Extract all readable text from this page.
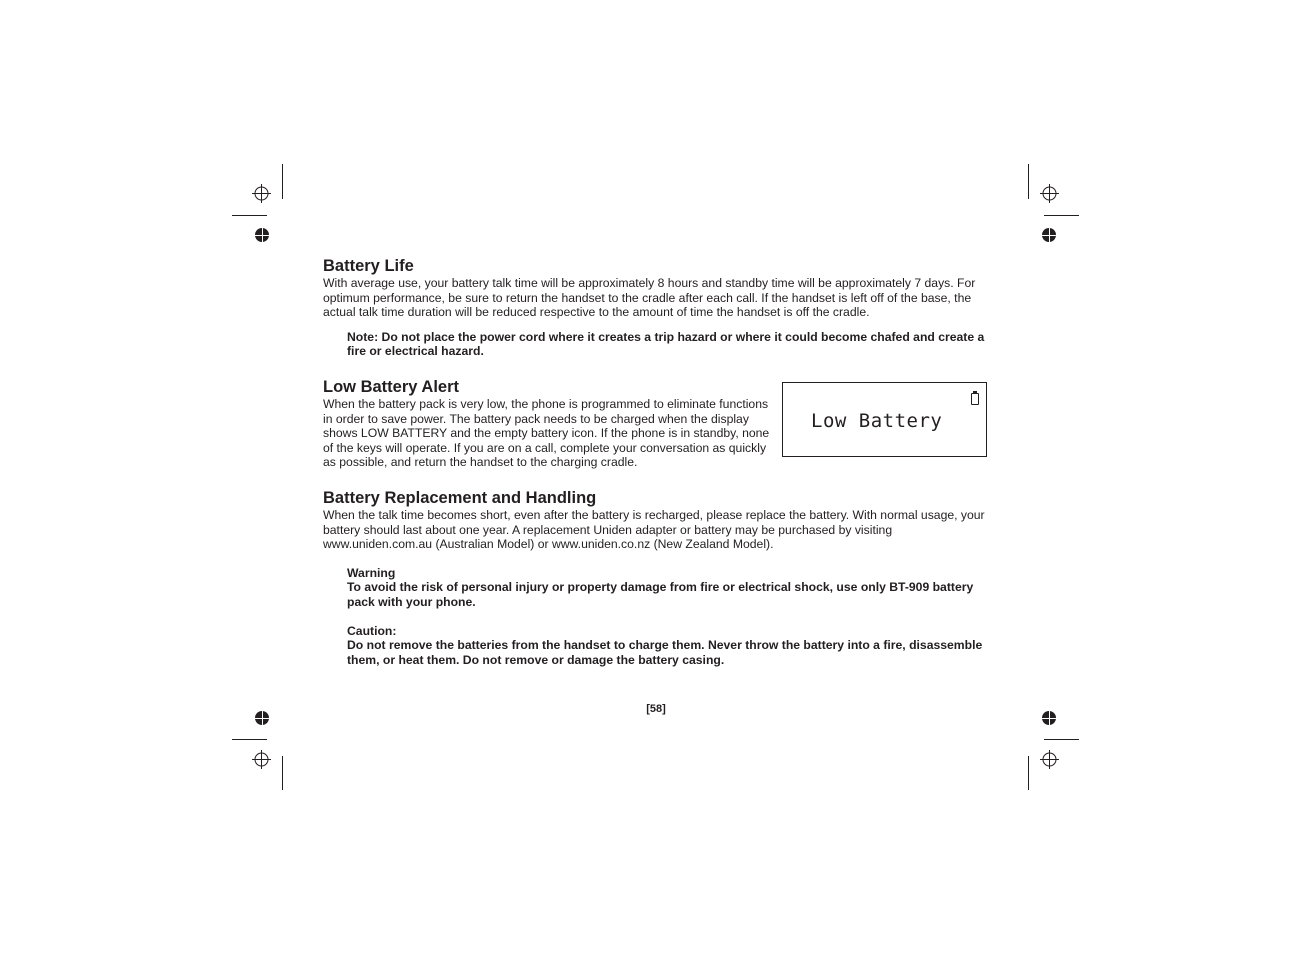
Battery Life

With average use, your battery talk time will be approximately 8 hours and standby time will be approximately 7 days. For optimum performance, be sure to return the handset to the cradle after each call. If the handset is left off of the base, the actual talk time duration will be reduced respective to the amount of time the handset is off the cradle.

Note: Do not place the power cord where it creates a trip hazard or where it could become chafed and create a fire or electrical hazard.
Low Battery Alert

When the battery pack is very low, the phone is programmed to eliminate functions in order to save power. The battery pack needs to be charged when the display shows LOW BATTERY and the empty battery icon. If the phone is in standby, none of the keys will operate. If you are on a call, complete your conversation as quickly as possible, and return the handset to the charging cradle.

Low Battery
Battery Replacement and Handling

When the talk time becomes short, even after the battery is recharged, please replace the battery. With normal usage, your battery should last about one year. A replacement Uniden adapter or battery may be purchased by visiting www.uniden.com.au (Australian Model) or www.uniden.co.nz (New Zealand Model).

Warning
To avoid the risk of personal injury or property damage from fire or electrical shock, use only BT-909 battery pack with your phone.
Caution:
Do not remove the batteries from the handset to charge them. Never throw the battery into a fire, disassemble them, or heat them. Do not remove or damage the battery casing.
[58]
